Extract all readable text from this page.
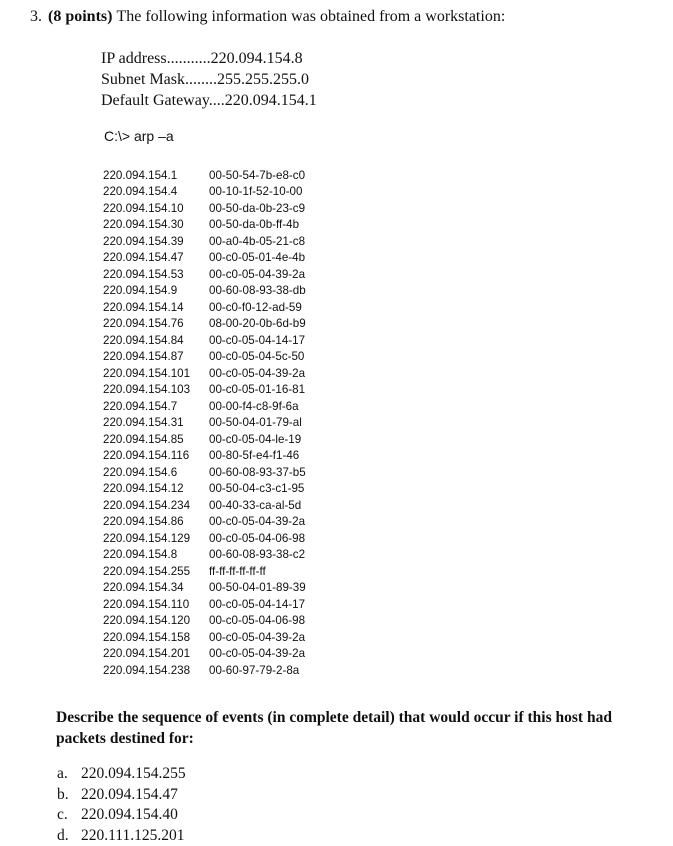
3. (8 points) The following information was obtained from a workstation:
IP address...........220.094.154.8
Subnet Mask........255.255.255.0
Default Gateway....220.094.154.1
C:\> arp –a
220.094.154.1	00-50-54-7b-e8-c0
220.094.154.4	00-10-1f-52-10-00
220.094.154.10	00-50-da-0b-23-c9
220.094.154.30	00-50-da-0b-ff-4b
220.094.154.39	00-a0-4b-05-21-c8
220.094.154.47	00-c0-05-01-4e-4b
220.094.154.53	00-c0-05-04-39-2a
220.094.154.9	00-60-08-93-38-db
220.094.154.14	00-c0-f0-12-ad-59
220.094.154.76	08-00-20-0b-6d-b9
220.094.154.84	00-c0-05-04-14-17
220.094.154.87	00-c0-05-04-5c-50
220.094.154.101	00-c0-05-04-39-2a
220.094.154.103	00-c0-05-01-16-81
220.094.154.7	00-00-f4-c8-9f-6a
220.094.154.31	00-50-04-01-79-al
220.094.154.85	00-c0-05-04-le-19
220.094.154.116	00-80-5f-e4-f1-46
220.094.154.6	00-60-08-93-37-b5
220.094.154.12	00-50-04-c3-c1-95
220.094.154.234	00-40-33-ca-al-5d
220.094.154.86	00-c0-05-04-39-2a
220.094.154.129	00-c0-05-04-06-98
220.094.154.8	00-60-08-93-38-c2
220.094.154.255	ff-ff-ff-ff-ff-ff
220.094.154.34	00-50-04-01-89-39
220.094.154.110	00-c0-05-04-14-17
220.094.154.120	00-c0-05-04-06-98
220.094.154.158	00-c0-05-04-39-2a
220.094.154.201	00-c0-05-04-39-2a
220.094.154.238	00-60-97-79-2-8a
Describe the sequence of events (in complete detail) that would occur if this host had packets destined for:
a. 220.094.154.255
b. 220.094.154.47
c. 220.094.154.40
d. 220.111.125.201
